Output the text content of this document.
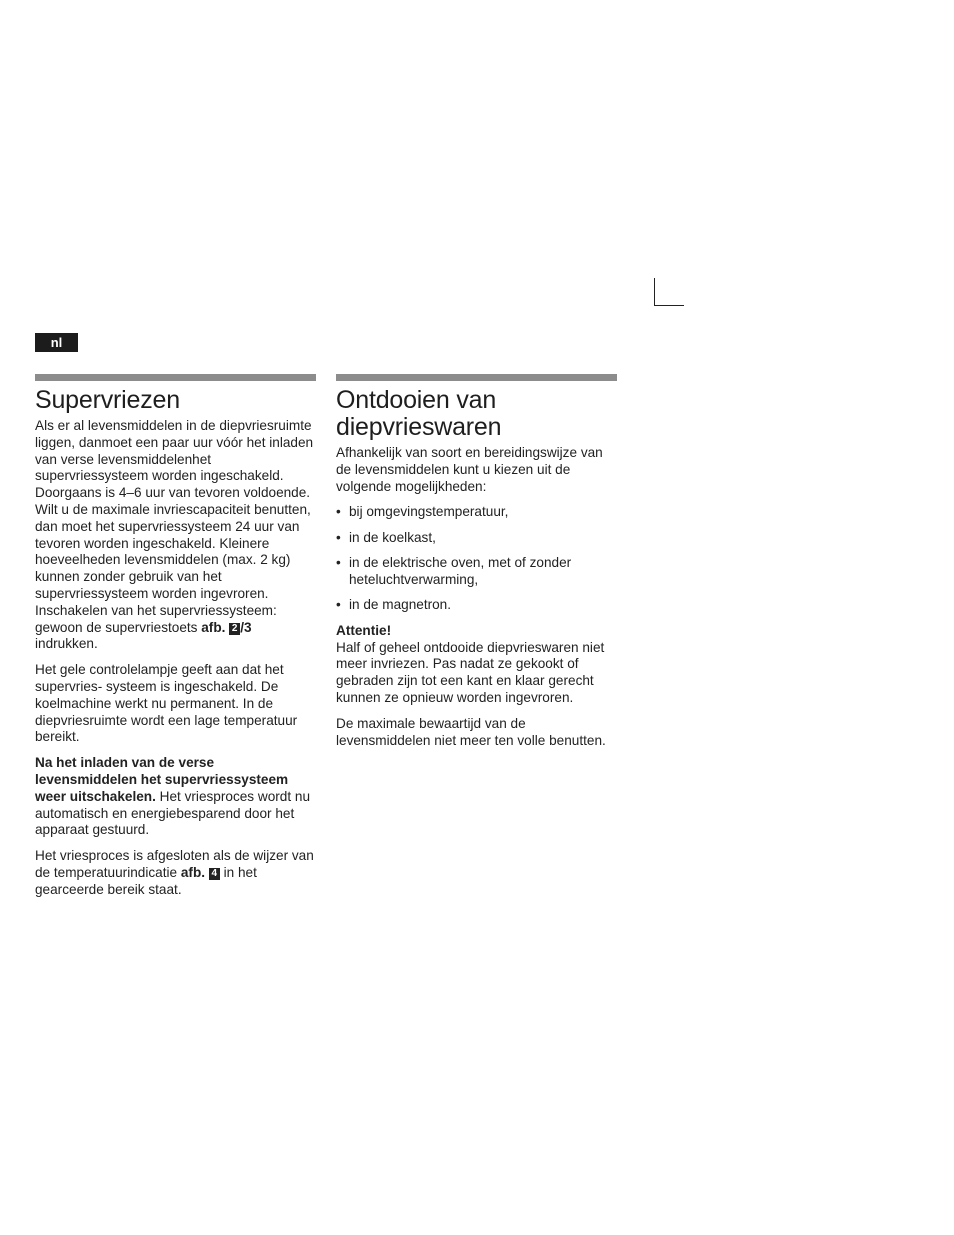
nl
Supervriezen

Als er al levensmiddelen in de diepvriesruimte liggen, danmoet een paar uur vóór het inladen van verse levensmiddelenhet supervriessysteem worden ingeschakeld. Doorgaans is 4–6 uur van tevoren voldoende. Wilt u de maximale invriescapaciteit benutten, dan moet het supervriessysteem 24 uur van tevoren worden ingeschakeld. Kleinere hoeveelheden levensmiddelen (max. 2 kg) kunnen zonder gebruik van het supervriessysteem worden ingevroren. Inschakelen van het supervriessysteem: gewoon de supervriestoets afb. 2 /3 indrukken.

Het gele controlelampje geeft aan dat het supervries- systeem is ingeschakeld. De koelmachine werkt nu permanent. In de diepvriesruimte wordt een lage temperatuur bereikt.

Na het inladen van de verse levensmiddelen het supervriessysteem weer uitschakelen. Het vriesproces wordt nu automatisch en energiebesparend door het apparaat gestuurd.

Het vriesproces is afgesloten als de wijzer van de temperatuurindicatie afb. 4 in het gearceerde bereik staat.

Ontdooien van
diepvrieswaren

Afhankelijk van soort en bereidingswijze van de levensmiddelen kunt u kiezen uit de volgende mogelijkheden:

• bij omgevingstemperatuur,
• in de koelkast,
• in de elektrische oven, met of zonder heteluchtverwarming,
• in de magnetron.

Attentie!

Half of geheel ontdooide diepvrieswaren niet meer invriezen. Pas nadat ze gekookt of gebraden zijn tot een kant en klaar gerecht kunnen ze opnieuw worden ingevroren.

De maximale bewaartijd van de levensmiddelen niet meer ten volle benutten.
